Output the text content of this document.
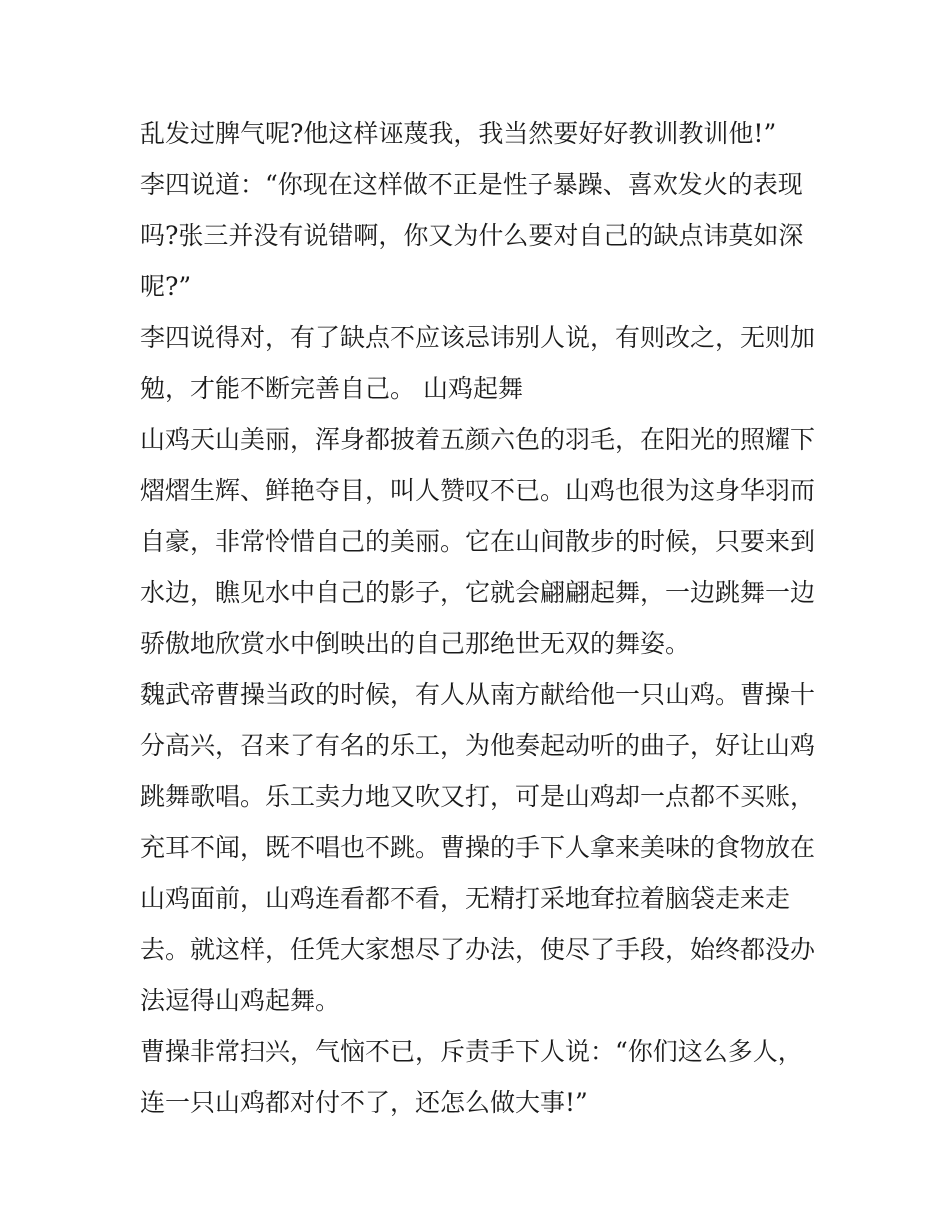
乱发过脾气呢?他这样诬蔑我，我当然要好好教训教训他!”

李四说道：“你现在这样做不正是性子暴躁、喜欢发火的表现
吗?张三并没有说错啊，你又为什么要对自己的缺点讳莫如深
呢?”

李四说得对，有了缺点不应该忌讳别人说，有则改之，无则加
勉，才能不断完善自己。 山鸡起舞

山鸡天山美丽，浑身都披着五颜六色的羽毛，在阳光的照耀下
熠熠生辉、鲜艳夺目，叫人赞叹不已。山鸡也很为这身华羽而
自豪，非常怜惜自己的美丽。它在山间散步的时候，只要来到
水边，瞧见水中自己的影子，它就会翩翩起舞，一边跳舞一边
骄傲地欣赏水中倒映出的自己那绝世无双的舞姿。

魏武帝曹操当政的时候，有人从南方献给他一只山鸡。曹操十
分高兴，召来了有名的乐工，为他奏起动听的曲子，好让山鸡
跳舞歌唱。乐工卖力地又吹又打，可是山鸡却一点都不买账，
充耳不闻，既不唱也不跳。曹操的手下人拿来美味的食物放在
山鸡面前，山鸡连看都不看，无精打采地耷拉着脑袋走来走
去。就这样，任凭大家想尽了办法，使尽了手段，始终都没办
法逗得山鸡起舞。

曹操非常扫兴，气恼不已，斥责手下人说：“你们这么多人，
连一只山鸡都对付不了，还怎么做大事!”
